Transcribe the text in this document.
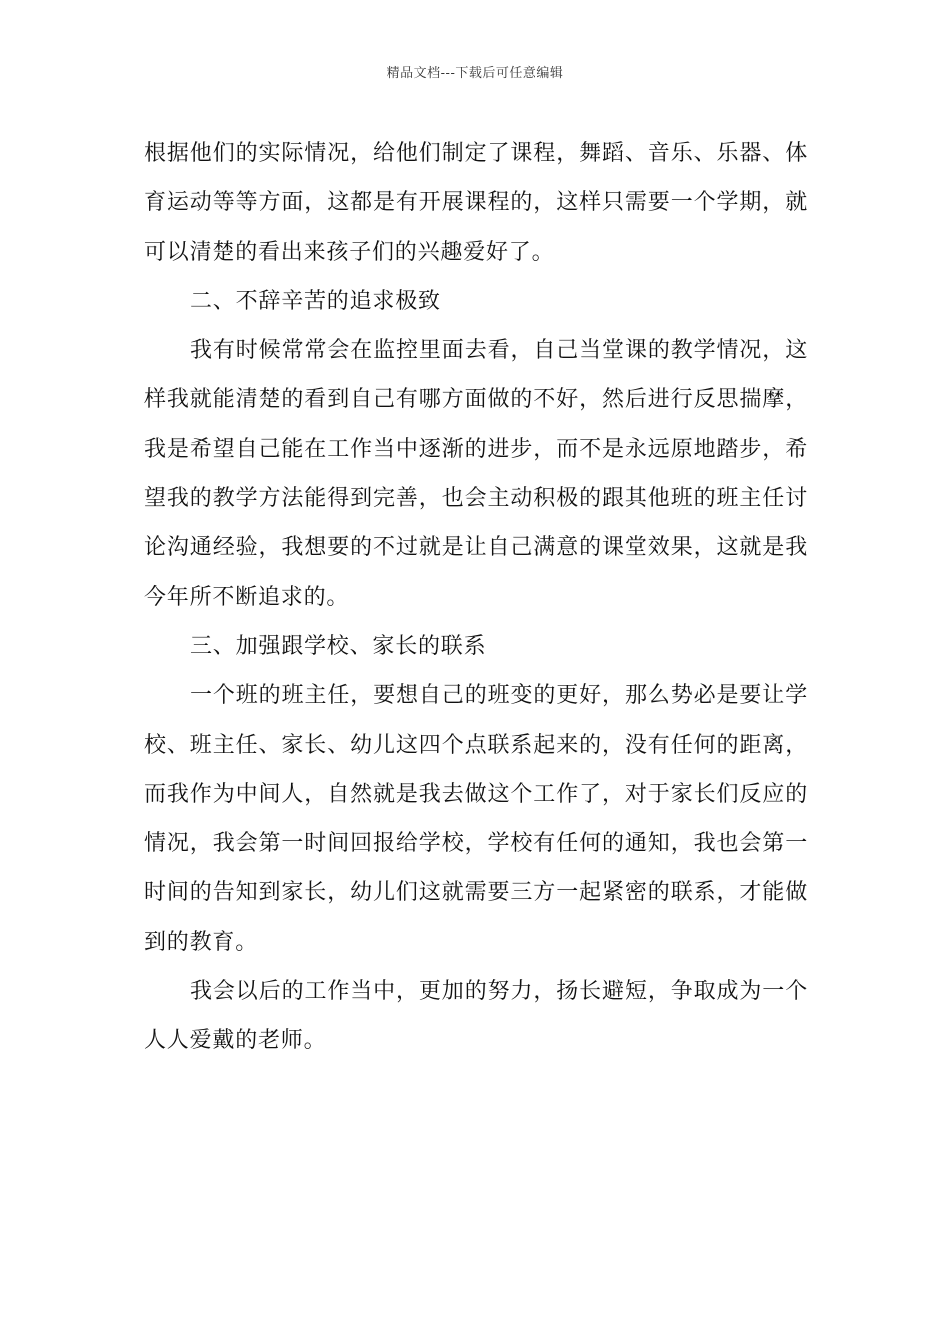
精品文档---下载后可任意编辑

根据他们的实际情况，给他们制定了课程，舞蹈、音乐、乐器、体育运动等等方面，这都是有开展课程的，这样只需要一个学期，就可以清楚的看出来孩子们的兴趣爱好了。

二、不辞辛苦的追求极致

我有时候常常会在监控里面去看，自己当堂课的教学情况，这样我就能清楚的看到自己有哪方面做的不好，然后进行反思揣摩，我是希望自己能在工作当中逐渐的进步，而不是永远原地踏步，希望我的教学方法能得到完善，也会主动积极的跟其他班的班主任讨论沟通经验，我想要的不过就是让自己满意的课堂效果，这就是我今年所不断追求的。

三、加强跟学校、家长的联系

一个班的班主任，要想自己的班变的更好，那么势必是要让学校、班主任、家长、幼儿这四个点联系起来的，没有任何的距离，而我作为中间人，自然就是我去做这个工作了，对于家长们反应的情况，我会第一时间回报给学校，学校有任何的通知，我也会第一时间的告知到家长，幼儿们这就需要三方一起紧密的联系，才能做到的教育。

我会以后的工作当中，更加的努力，扬长避短，争取成为一个人人爱戴的老师。
